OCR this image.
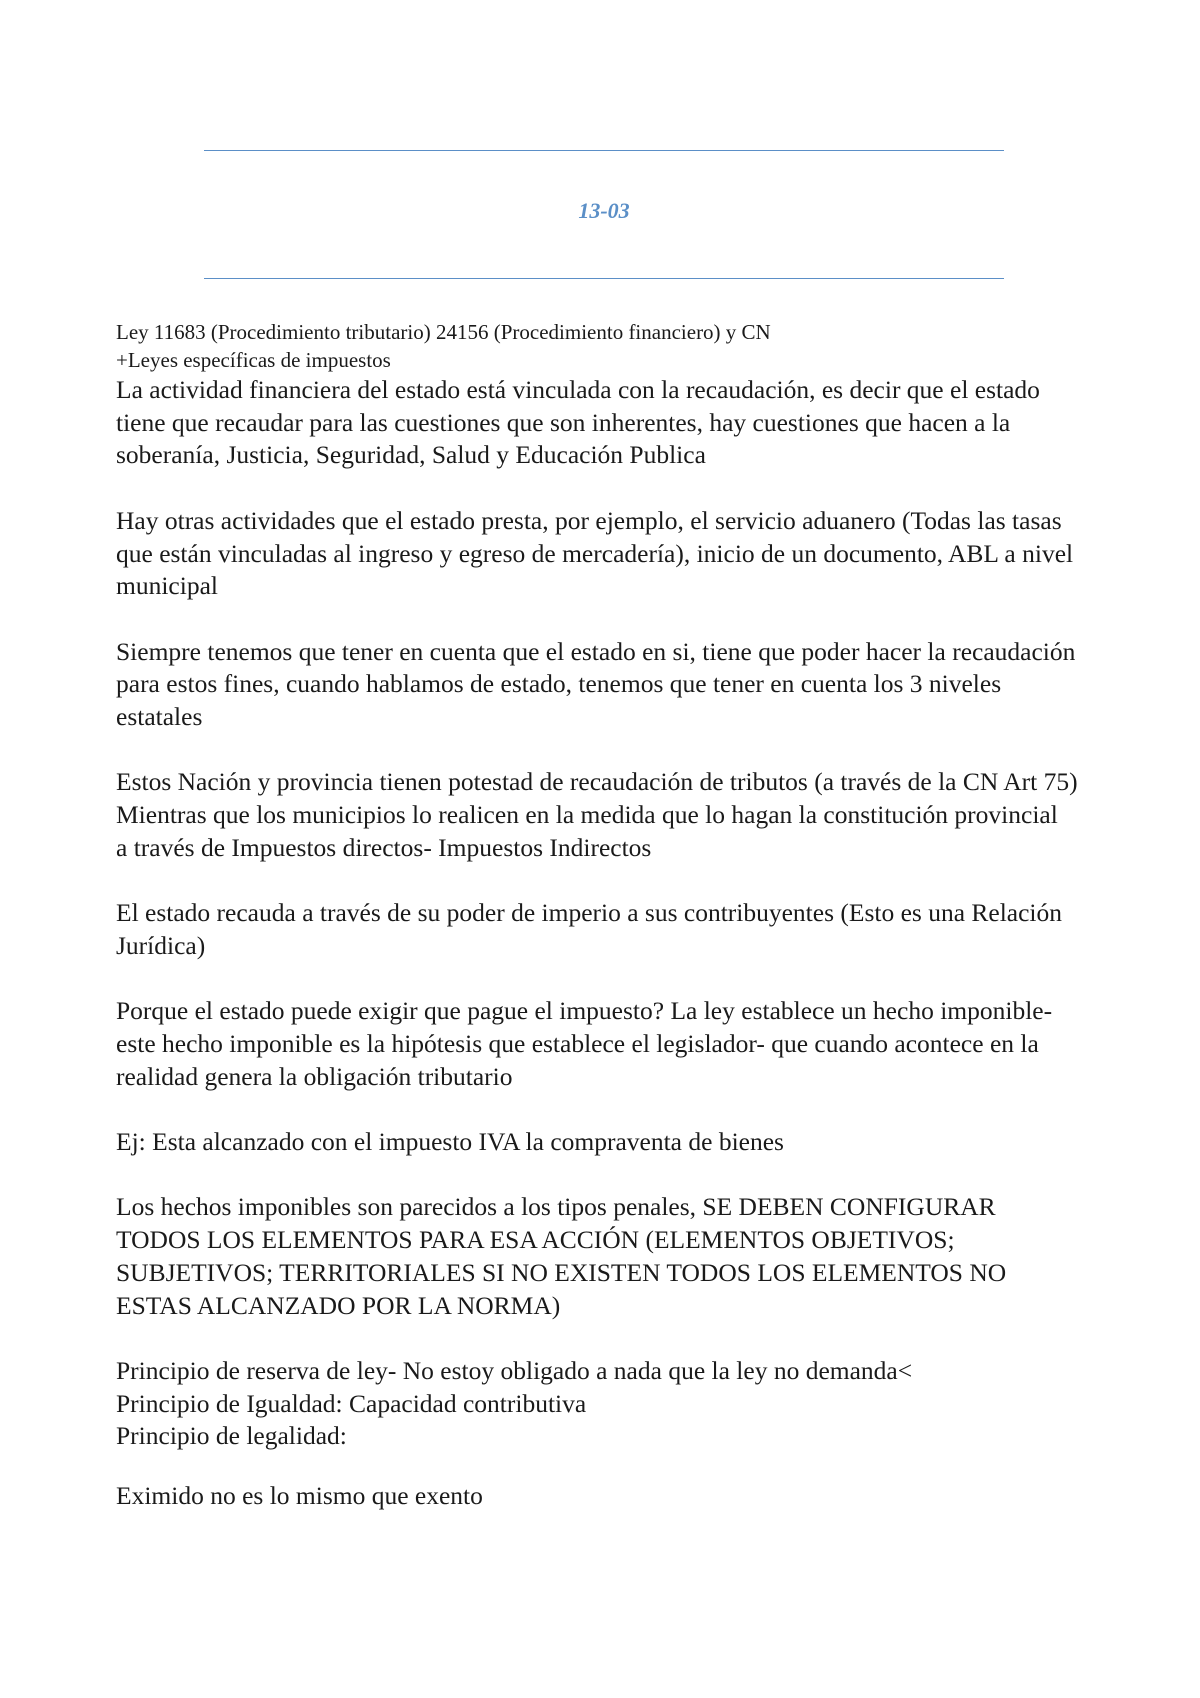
13-03

Ley 11683 (Procedimiento tributario) 24156 (Procedimiento financiero) y CN

+Leyes específicas de impuestos

La actividad financiera del estado está vinculada con la recaudación, es decir que el estado tiene que recaudar para las cuestiones que son inherentes, hay cuestiones que hacen a la soberanía, Justicia, Seguridad, Salud y Educación Publica

Hay otras actividades que el estado presta, por ejemplo, el servicio aduanero (Todas las tasas que están vinculadas al ingreso y egreso de mercadería), inicio de un documento, ABL a nivel municipal

Siempre tenemos que tener en cuenta que el estado en si, tiene que poder hacer la recaudación para estos fines, cuando hablamos de estado, tenemos que tener en cuenta los 3 niveles estatales

Estos Nación y provincia tienen potestad de recaudación de tributos (a través de la CN Art 75)

Mientras que los municipios lo realicen en la medida que lo hagan la constitución provincial

a través de Impuestos directos- Impuestos Indirectos

El estado recauda a través de su poder de imperio a sus contribuyentes (Esto es una Relación Jurídica)

Porque el estado puede exigir que pague el impuesto? La ley establece un hecho imponible- este hecho imponible es la hipótesis que establece el legislador- que cuando acontece en la realidad genera la obligación tributario

Ej: Esta alcanzado con el impuesto IVA la compraventa de bienes

Los hechos imponibles son parecidos a los tipos penales, SE DEBEN CONFIGURAR TODOS LOS ELEMENTOS PARA ESA ACCIÓN (ELEMENTOS OBJETIVOS; SUBJETIVOS; TERRITORIALES SI NO EXISTEN TODOS LOS ELEMENTOS NO ESTAS ALCANZADO POR LA NORMA)

Principio de reserva de ley- No estoy obligado a nada que la ley no demanda<

Principio de Igualdad: Capacidad contributiva

Principio de legalidad:

Eximido no es lo mismo que exento
